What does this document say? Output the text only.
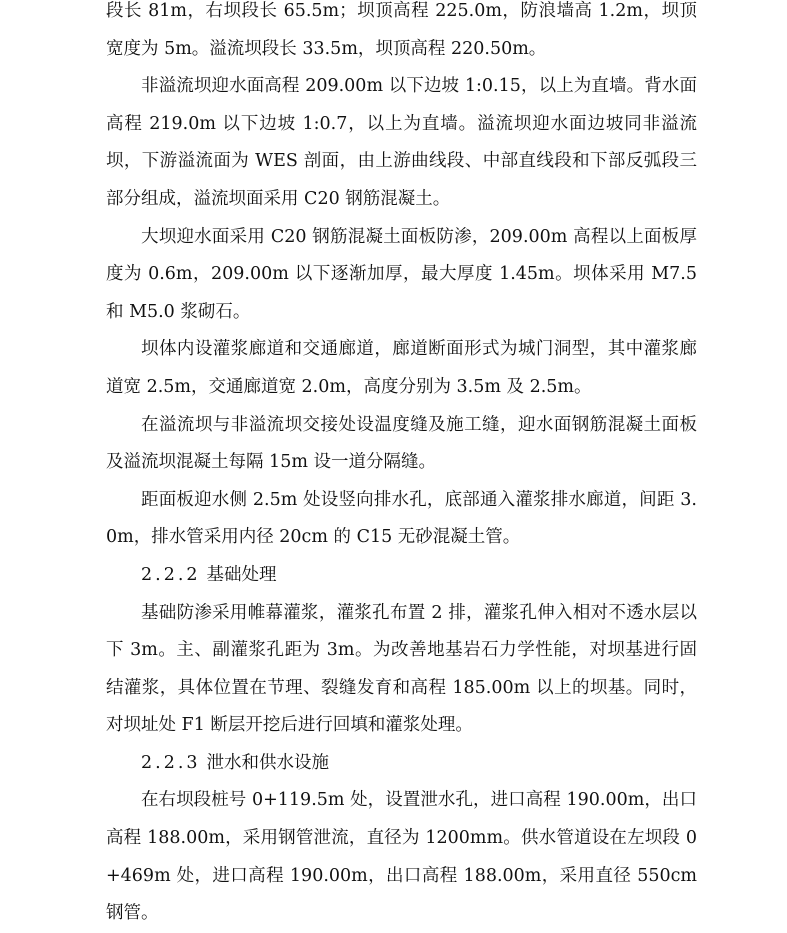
段长 81m，右坝段长 65.5m；坝顶高程 225.0m，防浪墙高 1.2m，坝顶宽度为 5m。溢流坝段长 33.5m，坝顶高程 220.50m。

非溢流坝迎水面高程 209.00m 以下边坡 1:0.15，以上为直墙。背水面高程 219.0m 以下边坡 1:0.7，以上为直墙。溢流坝迎水面边坡同非溢流坝，下游溢流面为 WES 剖面，由上游曲线段、中部直线段和下部反弧段三部分组成，溢流坝面采用 C20 钢筋混凝土。

大坝迎水面采用 C20 钢筋混凝土面板防渗，209.00m 高程以上面板厚度为 0.6m，209.00m 以下逐渐加厚，最大厚度 1.45m。坝体采用 M7.5 和 M5.0 浆砌石。

坝体内设灌浆廊道和交通廊道，廊道断面形式为城门洞型，其中灌浆廊道宽 2.5m，交通廊道宽 2.0m，高度分别为 3.5m 及 2.5m。

在溢流坝与非溢流坝交接处设温度缝及施工缝，迎水面钢筋混凝土面板及溢流坝混凝土每隔 15m 设一道分隔缝。

距面板迎水侧 2.5m 处设竖向排水孔，底部通入灌浆排水廊道，间距 3.0m，排水管采用内径 20cm 的 C15 无砂混凝土管。

2.2.2 基础处理

基础防渗采用帷幕灌浆，灌浆孔布置 2 排，灌浆孔伸入相对不透水层以下 3m。主、副灌浆孔距为 3m。为改善地基岩石力学性能，对坝基进行固结灌浆，具体位置在节理、裂缝发育和高程 185.00m 以上的坝基。同时，对坝址处 F1 断层开挖后进行回填和灌浆处理。

2.2.3 泄水和供水设施

在右坝段桩号 0+119.5m 处，设置泄水孔，进口高程 190.00m，出口高程 188.00m，采用钢管泄流，直径为 1200mm。供水管道设在左坝段 0+469m 处，进口高程 190.00m，出口高程 188.00m，采用直径 550cm 钢管。
